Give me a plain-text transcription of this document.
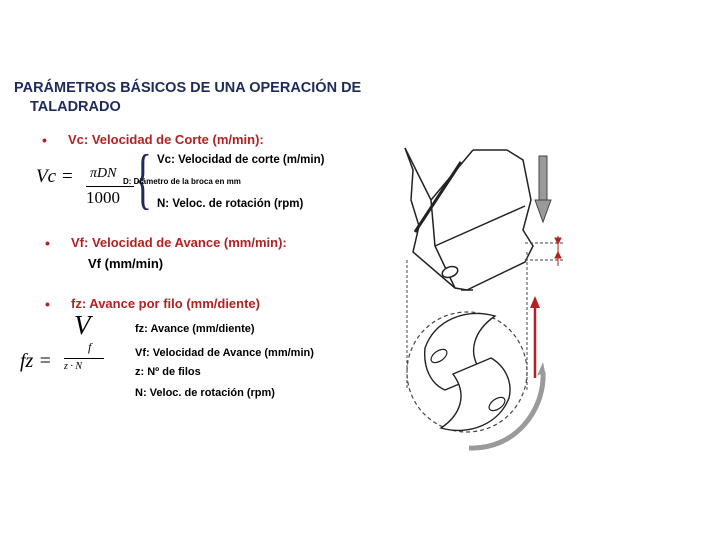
PARÁMETROS BÁSICOS DE UNA OPERACIÓN DE
TALADRADO
• Vc: Velocidad de Corte (m/min):
Vc = πDN
1000 { Vc: Velocidad de corte (m/min)
D: Diámetro de la broca en mm
N: Veloc. de rotación (rpm)
• Vf: Velocidad de Avance (mm/min):
Vf (mm/min)
• fz: Avance por filo (mm/diente)
V
fz =
f
z · N
fz: Avance (mm/diente)
Vf: Velocidad de Avance (mm/min)
z: Nº de filos
N: Veloc. de rotación (rpm)
